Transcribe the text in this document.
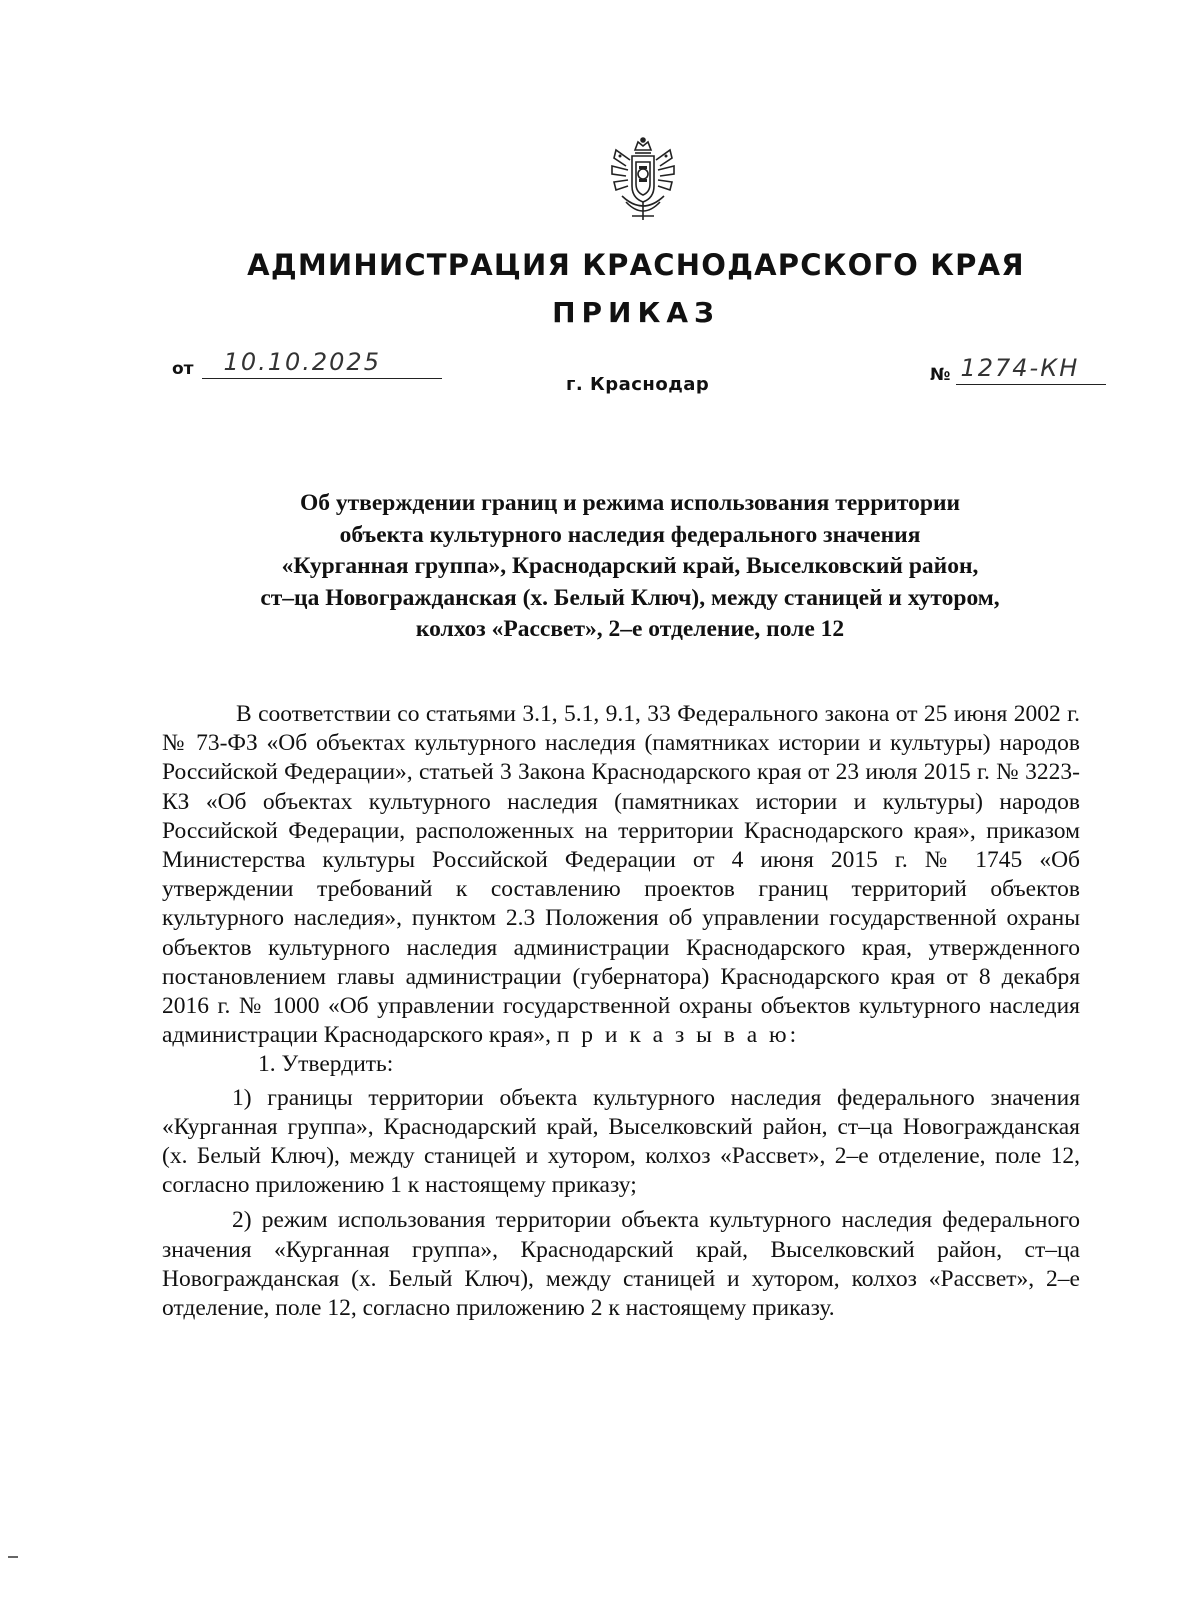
АДМИНИСТРАЦИЯ КРАСНОДАРСКОГО КРАЯ
ПРИКАЗ
от 10.10.2025
г. Краснодар	№ 1274-КН
Об утверждении границ и режима использования территории
объекта культурного наследия федерального значения
«Курганная группа», Краснодарский край, Выселковский район,
ст–ца Новогражданская (х. Белый Ключ), между станицей и хутором,
колхоз «Рассвет», 2–е отделение, поле 12

В соответствии со статьями 3.1, 5.1, 9.1, 33 Федерального закона от 25 июня 2002 г. № 73-ФЗ «Об объектах культурного наследия (памятниках истории и культуры) народов Российской Федерации», статьей 3 Закона Краснодарского края от 23 июля 2015 г. № 3223-КЗ «Об объектах культурного наследия (памятниках истории и культуры) народов Российской Федерации, расположенных на территории Краснодарского края», приказом Министерства культуры Российской Федерации от 4 июня 2015 г. № 1745 «Об утверждении требований к составлению проектов границ территорий объектов культурного наследия», пунктом 2.3 Положения об управлении государственной охраны объектов культурного наследия администрации Краснодарского края, утвержденного постановлением главы администрации (губернатора) Краснодарского края от 8 декабря 2016 г. № 1000 «Об управлении государственной охраны объектов культурного наследия администрации Краснодарского края», п р и к а з ы в а ю:

1. Утвердить:

1) границы территории объекта культурного наследия федерального значения «Курганная группа», Краснодарский край, Выселковский район, ст–ца Новогражданская (х. Белый Ключ), между станицей и хутором, колхоз «Рассвет», 2–е отделение, поле 12, согласно приложению 1 к настоящему приказу;

2) режим использования территории объекта культурного наследия федерального значения «Курганная группа», Краснодарский край, Выселковский район, ст–ца Новогражданская (х. Белый Ключ), между станицей и хутором, колхоз «Рассвет», 2–е отделение, поле 12, согласно приложению 2 к настоящему приказу.
